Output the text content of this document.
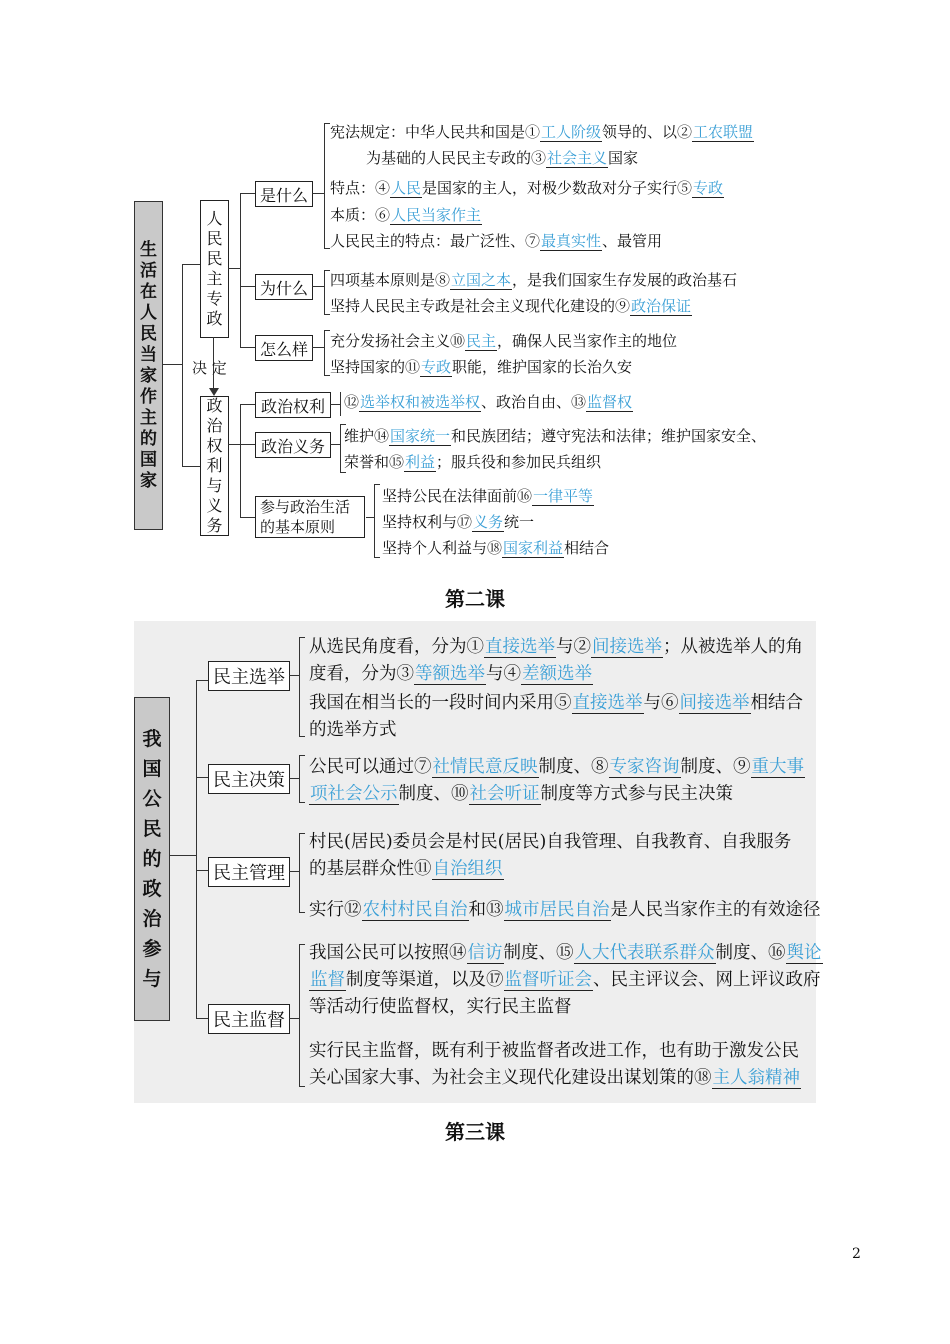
生
活
在
人
民
当
家
作
主
的
国
家
人
民
民
主
专
政
政
治
权
利
与
义
务
决 定
是什么
为什么
怎么样
政治权利
政治义务
参与政治生活
的基本原则
宪法规定：中华人民共和国是①工人阶级领导的、以②工农联盟
为基础的人民民主专政的③社会主义国家
特点：④人民是国家的主人，对极少数敌对分子实行⑤专政
本质：⑥人民当家作主
人民民主的特点：最广泛性、⑦最真实性、最管用
四项基本原则是⑧立国之本，是我们国家生存发展的政治基石
坚持人民民主专政是社会主义现代化建设的⑨政治保证
充分发扬社会主义⑩民主，确保人民当家作主的地位
坚持国家的⑪专政职能，维护国家的长治久安
⑫选举权和被选举权、政治自由、⑬监督权
维护⑭国家统一和民族团结；遵守宪法和法律；维护国家安全、
荣誉和⑮利益；服兵役和参加民兵组织
坚持公民在法律面前⑯一律平等
坚持权利与⑰义务统一
坚持个人利益与⑱国家利益相结合
第二课
我
国
公
民
的
政
治
参
与
民主选举
民主决策
民主管理
民主监督
从选民角度看，分为①直接选举与②间接选举；从被选举人的角
度看，分为③等额选举与④差额选举
我国在相当长的一段时间内采用⑤直接选举与⑥间接选举相结合
的选举方式
公民可以通过⑦社情民意反映制度、⑧专家咨询制度、⑨重大事
项社会公示制度、⑩社会听证制度等方式参与民主决策
村民(居民)委员会是村民(居民)自我管理、自我教育、自我服务
的基层群众性⑪自治组织
实行⑫农村村民自治和⑬城市居民自治是人民当家作主的有效途径
我国公民可以按照⑭信访制度、⑮人大代表联系群众制度、⑯舆论
监督制度等渠道，以及⑰监督听证会、民主评议会、网上评议政府
等活动行使监督权，实行民主监督
实行民主监督，既有利于被监督者改进工作，也有助于激发公民
关心国家大事、为社会主义现代化建设出谋划策的⑱主人翁精神
第三课
2
